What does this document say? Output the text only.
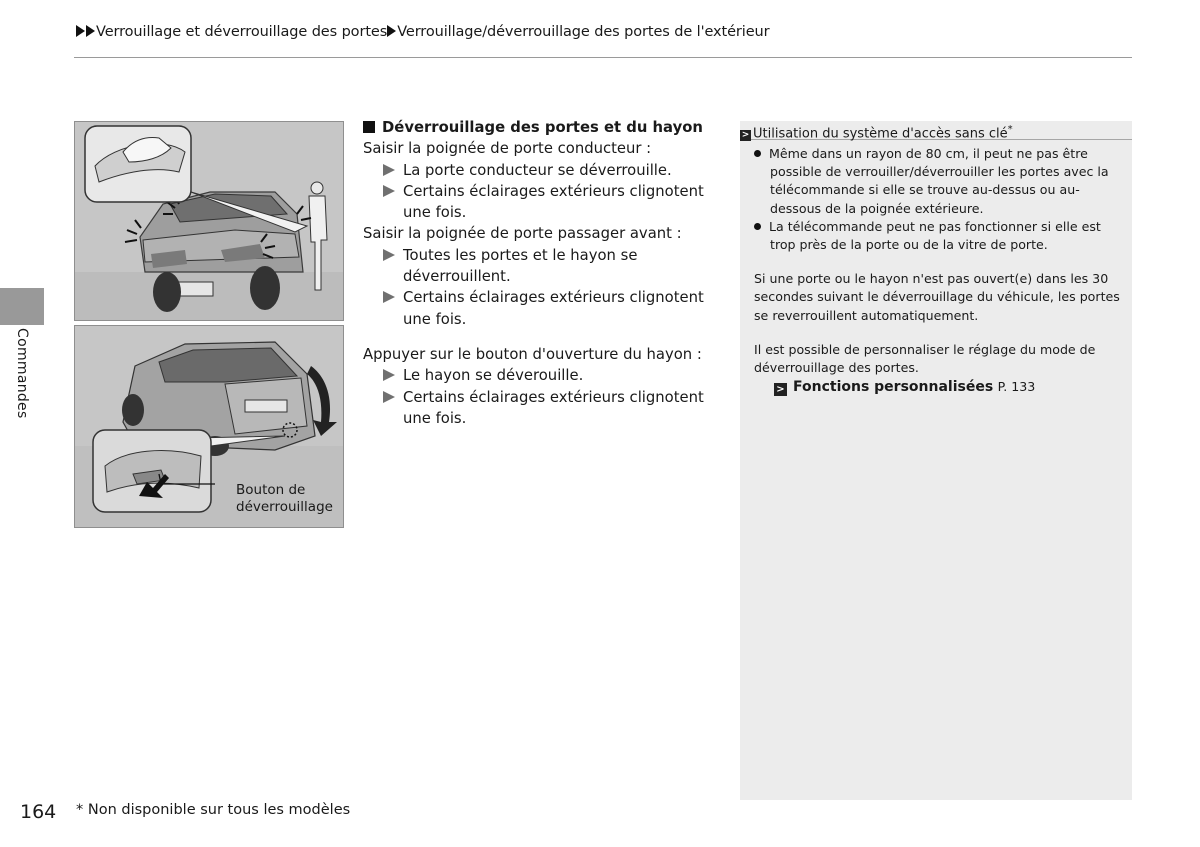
Verrouillage et déverrouillage des portes Verrouillage/déverrouillage des portes de l'extérieur
Commandes
Bouton de déverrouillage
Déverrouillage des portes et du hayon

Saisir la poignée de porte conducteur :

La porte conducteur se déverrouille.

Certains éclairages extérieurs clignotent une fois.

Saisir la poignée de porte passager avant :

Toutes les portes et le hayon se déverrouillent.

Certains éclairages extérieurs clignotent une fois.

Appuyer sur le bouton d'ouverture du hayon :

Le hayon se déverouille.

Certains éclairages extérieurs clignotent une fois.

> Utilisation du système d'accès sans clé*

Même dans un rayon de 80 cm, il peut ne pas être possible de verrouiller/déverrouiller les portes avec la télécommande si elle se trouve au-dessus ou au-dessous de la poignée extérieure.

La télécommande peut ne pas fonctionner si elle est trop près de la porte ou de la vitre de porte.

Si une porte ou le hayon n'est pas ouvert(e) dans les 30 secondes suivant le déverrouillage du véhicule, les portes se reverrouillent automatiquement.

Il est possible de personnaliser le réglage du mode de déverrouillage des portes.

> Fonctions personnalisées P. 133
164 * Non disponible sur tous les modèles
